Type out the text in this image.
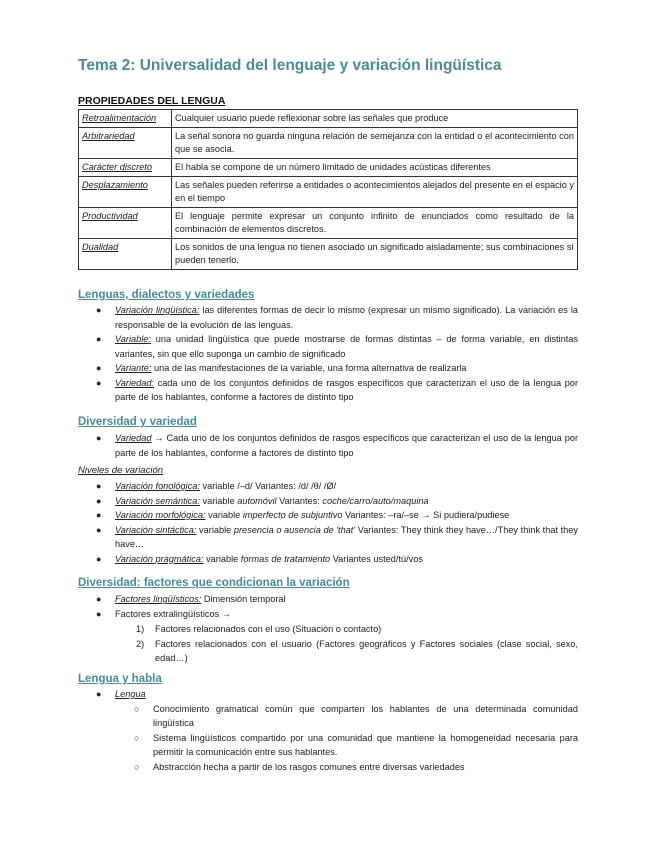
Tema 2: Universalidad del lenguaje y variación lingüística
PROPIEDADES DEL LENGUA
Retroalimentación	Cualquier usuario puede reflexionar sobre las señales que produce
Arbitrariedad	La señal sonora no guarda ninguna relación de semejanza con la entidad o el acontecimiento con que se asocia.
Carácter discreto	El habla se compone de un número limitado de unidades acústicas diferentes
Desplazamiento	Las señales pueden referirse a entidades o acontecimientos alejados del presente en el espacio y en el tiempo
Productividad	El lenguaje permite expresar un conjunto infinito de enunciados como resultado de la combinación de elementos discretos.
Dualidad	Los sonidos de una lengua no tienen asociado un significado aisladamente; sus combinaciones sí pueden tenerlo.
Lenguas, dialectos y variedades
● Variación lingüística: las diferentes formas de decir lo mismo (expresar un mismo significado). La variación es la responsable de la evolución de las lenguas.
● Variable: una unidad lingüística que puede mostrarse de formas distintas – de forma variable, en distintas variantes, sin que ello suponga un cambio de significado
● Variante: una de las manifestaciones de la variable, una forma alternativa de realizarla
● Variedad: cada uno de los conjuntos definidos de rasgos específicos que caracterizan el uso de la lengua por parte de los hablantes, conforme a factores de distinto tipo
Diversidad y variedad
● Variedad → Cada uno de los conjuntos definidos de rasgos específicos que caracterizan el uso de la lengua por parte de los hablantes, conforme a factores de distinto tipo
Niveles de variación
● Variación fonológica: variable /–d/ Variantes: /d/ /θ/ /Ø/
● Variación semántica: variable automóvil Variantes: coche/carro/auto/maquina
● Variación morfológica: variable imperfecto de subjuntivo Variantes: –ra/–se → Si pudiera/pudiese
● Variación sintáctica: variable presencia o ausencia de 'that' Variantes: They think they have…/They think that they have…
● Variación pragmática: variable formas de tratamiento Variantes usted/tú/vos
Diversidad: factores que condicionan la variación
● Factores lingüísticos: Dimensión temporal
● Factores extralingüísticos →
1) Factores relacionados con el uso (Situación o contacto)
2) Factores relacionados con el usuario (Factores geográficos y Factores sociales (clase social, sexo, edad…)
Lengua y habla
● Lengua
○ Conocimiento gramatical común que comparten los hablantes de una determinada comunidad lingüística
○ Sistema lingüísticos compartido por una comunidad que mantiene la homogeneidad necesaria para permitir la comunicación entre sus hablantes.
○ Abstracción hecha a partir de los rasgos comunes entre diversas variedades
